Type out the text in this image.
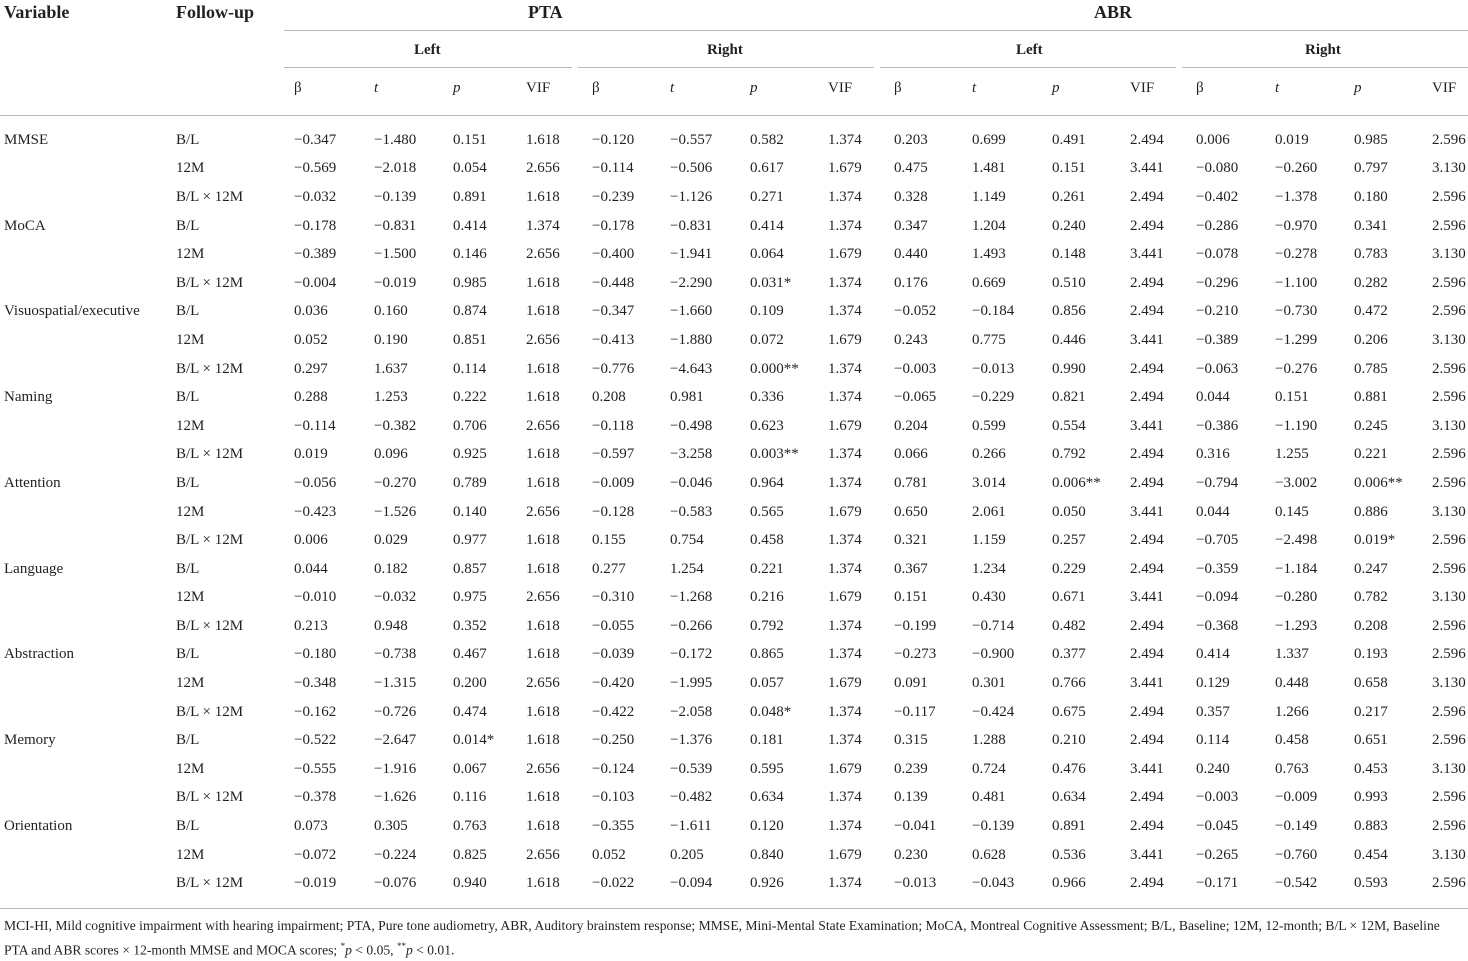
Variable	Follow-up	PTA	ABR
Left	Right	Left	Right
β	t	p	VIF	β	t	p	VIF	β	t	p	VIF	β	t	p	VIF
MMSE	B/L	−0.347	−1.480	0.151	1.618	−0.120	−0.557	0.582	1.374	0.203	0.699	0.491	2.494	0.006	0.019	0.985	2.596
	12M	−0.569	−2.018	0.054	2.656	−0.114	−0.506	0.617	1.679	0.475	1.481	0.151	3.441	−0.080	−0.260	0.797	3.130
	B/L × 12M	−0.032	−0.139	0.891	1.618	−0.239	−1.126	0.271	1.374	0.328	1.149	0.261	2.494	−0.402	−1.378	0.180	2.596
MoCA	B/L	−0.178	−0.831	0.414	1.374	−0.178	−0.831	0.414	1.374	0.347	1.204	0.240	2.494	−0.286	−0.970	0.341	2.596
	12M	−0.389	−1.500	0.146	2.656	−0.400	−1.941	0.064	1.679	0.440	1.493	0.148	3.441	−0.078	−0.278	0.783	3.130
	B/L × 12M	−0.004	−0.019	0.985	1.618	−0.448	−2.290	0.031*	1.374	0.176	0.669	0.510	2.494	−0.296	−1.100	0.282	2.596
Visuospatial/executive	B/L	0.036	0.160	0.874	1.618	−0.347	−1.660	0.109	1.374	−0.052	−0.184	0.856	2.494	−0.210	−0.730	0.472	2.596
	12M	0.052	0.190	0.851	2.656	−0.413	−1.880	0.072	1.679	0.243	0.775	0.446	3.441	−0.389	−1.299	0.206	3.130
	B/L × 12M	0.297	1.637	0.114	1.618	−0.776	−4.643	0.000**	1.374	−0.003	−0.013	0.990	2.494	−0.063	−0.276	0.785	2.596
Naming	B/L	0.288	1.253	0.222	1.618	0.208	0.981	0.336	1.374	−0.065	−0.229	0.821	2.494	0.044	0.151	0.881	2.596
	12M	−0.114	−0.382	0.706	2.656	−0.118	−0.498	0.623	1.679	0.204	0.599	0.554	3.441	−0.386	−1.190	0.245	3.130
	B/L × 12M	0.019	0.096	0.925	1.618	−0.597	−3.258	0.003**	1.374	0.066	0.266	0.792	2.494	0.316	1.255	0.221	2.596
Attention	B/L	−0.056	−0.270	0.789	1.618	−0.009	−0.046	0.964	1.374	0.781	3.014	0.006**	2.494	−0.794	−3.002	0.006**	2.596
	12M	−0.423	−1.526	0.140	2.656	−0.128	−0.583	0.565	1.679	0.650	2.061	0.050	3.441	0.044	0.145	0.886	3.130
	B/L × 12M	0.006	0.029	0.977	1.618	0.155	0.754	0.458	1.374	0.321	1.159	0.257	2.494	−0.705	−2.498	0.019*	2.596
Language	B/L	0.044	0.182	0.857	1.618	0.277	1.254	0.221	1.374	0.367	1.234	0.229	2.494	−0.359	−1.184	0.247	2.596
	12M	−0.010	−0.032	0.975	2.656	−0.310	−1.268	0.216	1.679	0.151	0.430	0.671	3.441	−0.094	−0.280	0.782	3.130
	B/L × 12M	0.213	0.948	0.352	1.618	−0.055	−0.266	0.792	1.374	−0.199	−0.714	0.482	2.494	−0.368	−1.293	0.208	2.596
Abstraction	B/L	−0.180	−0.738	0.467	1.618	−0.039	−0.172	0.865	1.374	−0.273	−0.900	0.377	2.494	0.414	1.337	0.193	2.596
	12M	−0.348	−1.315	0.200	2.656	−0.420	−1.995	0.057	1.679	0.091	0.301	0.766	3.441	0.129	0.448	0.658	3.130
	B/L × 12M	−0.162	−0.726	0.474	1.618	−0.422	−2.058	0.048*	1.374	−0.117	−0.424	0.675	2.494	0.357	1.266	0.217	2.596
Memory	B/L	−0.522	−2.647	0.014*	1.618	−0.250	−1.376	0.181	1.374	0.315	1.288	0.210	2.494	0.114	0.458	0.651	2.596
	12M	−0.555	−1.916	0.067	2.656	−0.124	−0.539	0.595	1.679	0.239	0.724	0.476	3.441	0.240	0.763	0.453	3.130
	B/L × 12M	−0.378	−1.626	0.116	1.618	−0.103	−0.482	0.634	1.374	0.139	0.481	0.634	2.494	−0.003	−0.009	0.993	2.596
Orientation	B/L	0.073	0.305	0.763	1.618	−0.355	−1.611	0.120	1.374	−0.041	−0.139	0.891	2.494	−0.045	−0.149	0.883	2.596
	12M	−0.072	−0.224	0.825	2.656	0.052	0.205	0.840	1.679	0.230	0.628	0.536	3.441	−0.265	−0.760	0.454	3.130
	B/L × 12M	−0.019	−0.076	0.940	1.618	−0.022	−0.094	0.926	1.374	−0.013	−0.043	0.966	2.494	−0.171	−0.542	0.593	2.596
MCI-HI, Mild cognitive impairment with hearing impairment; PTA, Pure tone audiometry, ABR, Auditory brainstem response; MMSE, Mini-Mental State Examination; MoCA, Montreal Cognitive Assessment; B/L, Baseline; 12M, 12-month; B/L × 12M, Baseline PTA and ABR scores × 12-month MMSE and MOCA scores; *p < 0.05, **p < 0.01.
